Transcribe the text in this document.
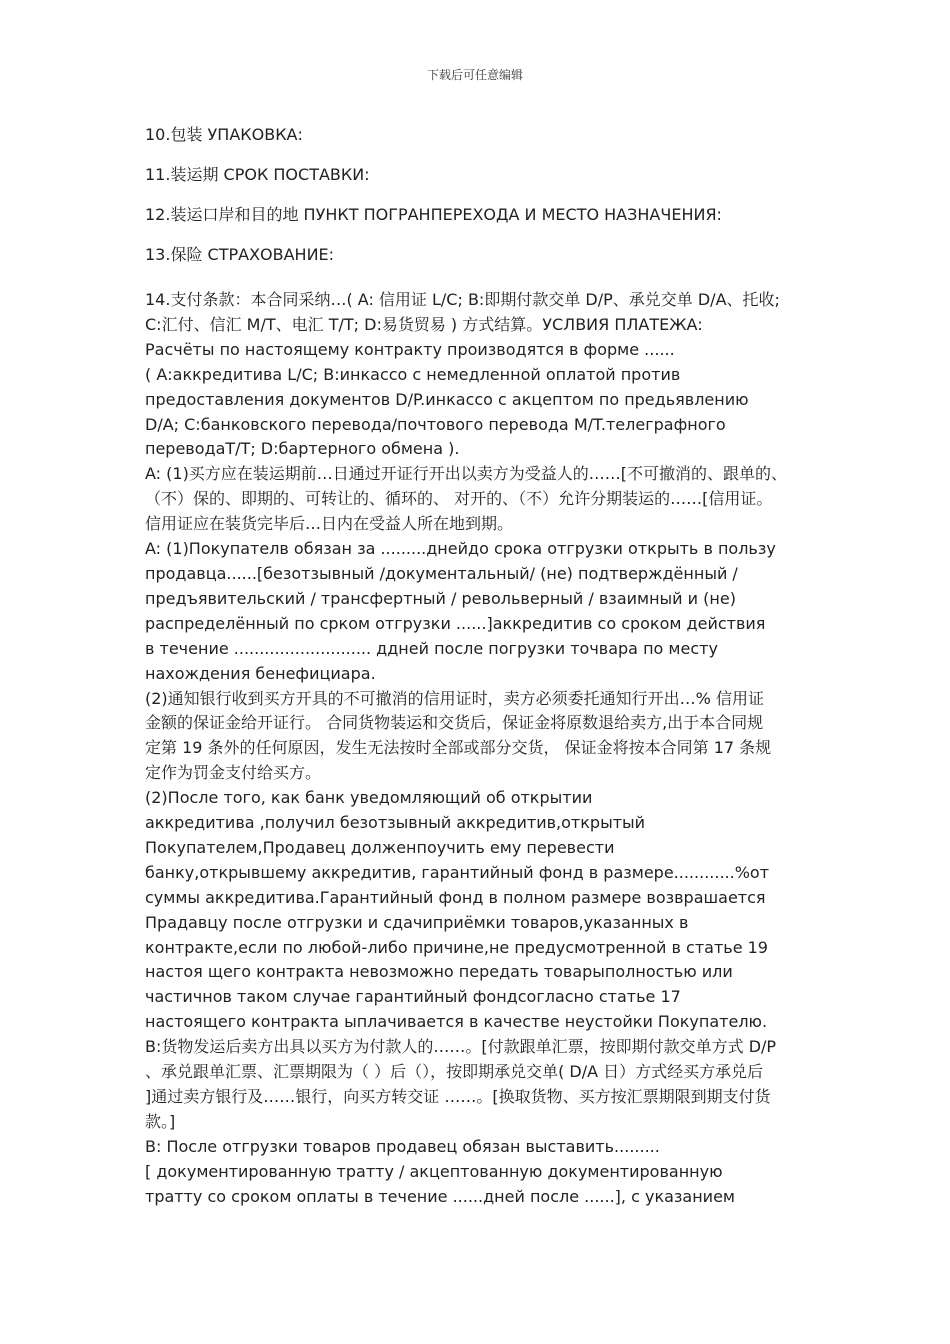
下载后可任意编辑
10.包装 УПАКОВКА:
11.装运期 СРОК ПОСТАВКИ:
12.装运口岸和目的地 ПУНКТ ПОГРАНПЕРЕХОДА И МЕСТО НАЗНАЧЕНИЯ:
13.保险 СТРАХОВАНИЕ:
14.支付条款：本合同采纳…( A: 信用证 L/C; B:即期付款交单 D/P、承兑交单 D/A、托收;
C:汇付、信汇 M/T、电汇 T/T; D:易货贸易 ) 方式结算。УСЛВИЯ ПЛАТЕЖА:
Расчёты по настоящему контракту производятся в форме ......
( А:аккредитива L/C; B:инкассо с немедленной оплатой против
предоставления документов D/P.инкассо с акцептом по предьявлению
D/A; C:банковского перевода/почтового перевода M/T.телеграфного
переводаT/T; D:бартерного обмена ).
A: (1)买方应在装运期前…日通过开证行开出以卖方为受益人的……[不可撤消的、跟单的、
（不）保的、即期的、可转让的、循环的、 对开的、（不）允许分期装运的……[信用证。
信用证应在装货完毕后…日内在受益人所在地到期。
A: (1)Покупателв обязан за .........днейдо срока отгрузки открыть в пользу
продавца......[безотзывный /документальный/ (не) подтверждённый /
предъявительский / трансфертный / револьверный / взаимный и (не)
распределённый по срком отгрузки ......]аккредитив со сроком действия
в течение ........................... ддней после погрузки точвара по месту
нахождения бенефициара.
(2)通知银行收到买方开具的不可撤消的信用证时，卖方必须委托通知行开出…% 信用证
金额的保证金给开证行。 合同货物装运和交货后，保证金将原数退给卖方,出于本合同规
定第 19 条外的任何原因，发生无法按时全部或部分交货， 保证金将按本合同第 17 条规
定作为罚金支付给买方。
(2)После того, как банк уведомляющий об открытии
аккредитива ,получил безотзывный аккредитив,открытый
Покупателем,Продавец долженпоучить ему перевести
банку,открывшему аккредитив, гарантийный фонд в размере............%от
суммы аккредитива.Гарантийный фонд в полном размере возврашается
Прадавцу после отгрузки и сдачиприёмки товаров,указанных в
контракте,если по любой-либо причине,не предусмотренной в статье 19
настоя щего контракта невозможно передать товарыполностью или
частичнов таком случае гарантийный фондсогласно статье 17
настоящего контракта ыплачивается в качестве неустойки Покупателю.
B:货物发运后卖方出具以买方为付款人的……。[付款跟单汇票，按即期付款交单方式 D/P
、承兑跟单汇票、汇票期限为（ ）后（），按即期承兑交单( D/A 日）方式经买方承兑后
]通过卖方银行及……银行，向买方转交证 ……。[换取货物、买方按汇票期限到期支付货
款。]
B: После отгрузки товаров продавец обязан выставить.........
[ документированную тратту / акцептованную документированную
тратту со сроком оплаты в течение ......дней после ......], с указанием
